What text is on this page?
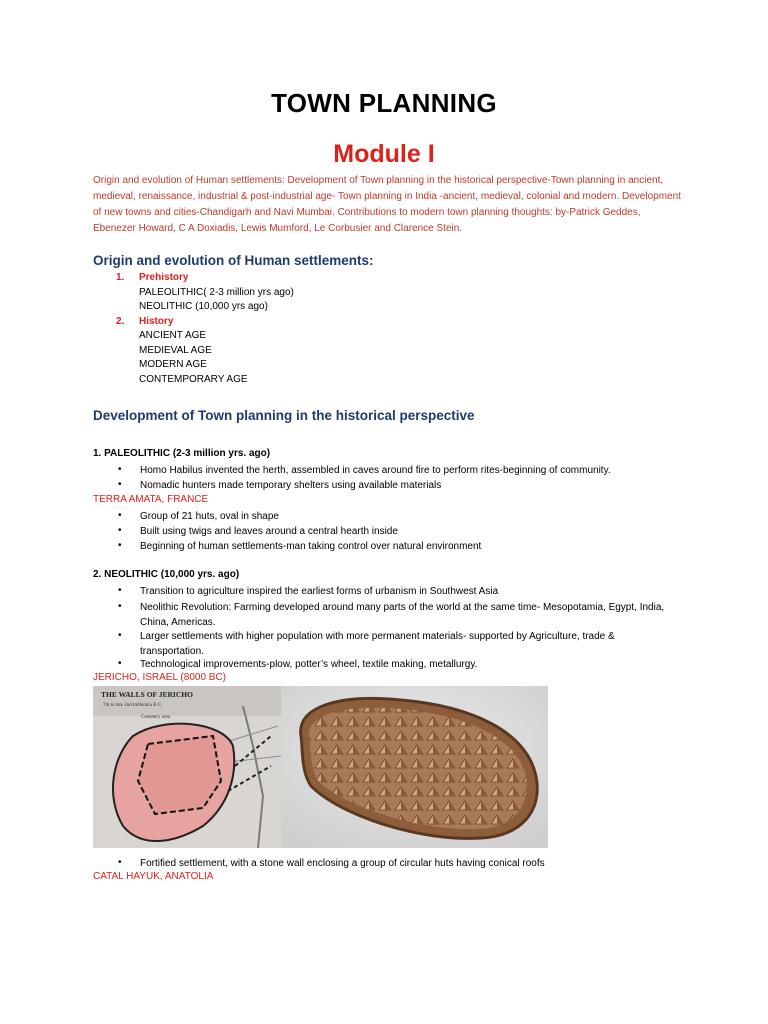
TOWN PLANNING
Module I
Origin and evolution of Human settlements: Development of Town planning in the historical perspective-Town planning in ancient, medieval, renaissance, industrial & post-industrial age- Town planning in India -ancient, medieval, colonial and modern. Development of new towns and cities-Chandigarh and Navi Mumbai. Contributions to modern town planning thoughts: by-Patrick Geddes, Ebenezer Howard, C A Doxiadis, Lewis Mumford, Le Corbusier and Clarence Stein.
Origin and evolution of Human settlements:
1. Prehistory
PALEOLITHIC( 2-3 million yrs ago)
NEOLITHIC (10,000 yrs ago)
2. History
ANCIENT AGE
MEDIEVAL AGE
MODERN AGE
CONTEMPORARY AGE
Development of Town planning in the historical perspective
1. PALEOLITHIC (2-3 million yrs. ago)
• Homo Habilus invented the herth, assembled in caves around fire to perform rites-beginning of community.
• Nomadic hunters made temporary shelters using available materials
TERRA AMATA, FRANCE
• Group of 21 huts, oval in shape
• Built using twigs and leaves around a central hearth inside
• Beginning of human settlements-man taking control over natural environment
2. NEOLITHIC (10,000 yrs. ago)
• Transition to agriculture inspired the earliest forms of urbanism in Southwest Asia
• Neolithic Revolution: Farming developed around many parts of the world at the same time- Mesopotamia, Egypt, India, China, Americas.
• Larger settlements with higher population with more permanent materials- supported by Agriculture, trade & transportation.
• Technological improvements-plow, potter’s wheel, textile making, metallurgy.
JERICHO, ISRAEL (8000 BC)
THE WALLS OF JERICHO
7th to late 2nd millennia B.C.
Cemetery area
• Fortified settlement, with a stone wall enclosing a group of circular huts having conical roofs
CATAL HAYUK, ANATOLIA
